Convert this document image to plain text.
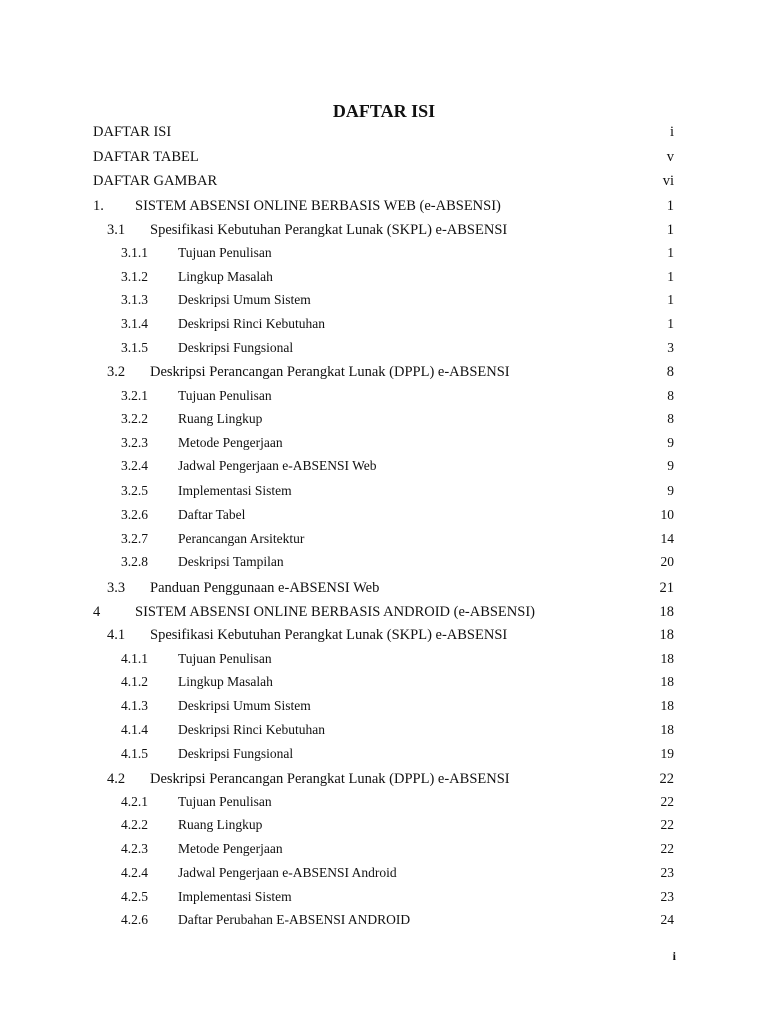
DAFTAR ISI
DAFTAR ISI	i
DAFTAR TABEL	v
DAFTAR GAMBAR	vi
1. SISTEM ABSENSI ONLINE BERBASIS WEB (e-ABSENSI)	1
3.1 Spesifikasi Kebutuhan Perangkat Lunak (SKPL) e-ABSENSI	1
3.1.1 Tujuan Penulisan	1
3.1.2 Lingkup Masalah	1
3.1.3 Deskripsi Umum Sistem	1
3.1.4 Deskripsi Rinci Kebutuhan	1
3.1.5 Deskripsi Fungsional	3
3.2 Deskripsi Perancangan Perangkat Lunak (DPPL) e-ABSENSI	8
3.2.1 Tujuan Penulisan	8
3.2.2 Ruang Lingkup	8
3.2.3 Metode Pengerjaan	9
3.2.4 Jadwal Pengerjaan e-ABSENSI Web	9
3.2.5 Implementasi Sistem	9
3.2.6 Daftar Tabel	10
3.2.7 Perancangan Arsitektur	14
3.2.8 Deskripsi Tampilan	20
3.3 Panduan Penggunaan e-ABSENSI Web	21
4 SISTEM ABSENSI ONLINE BERBASIS ANDROID (e-ABSENSI)	18
4.1 Spesifikasi Kebutuhan Perangkat Lunak (SKPL) e-ABSENSI	18
4.1.1 Tujuan Penulisan	18
4.1.2 Lingkup Masalah	18
4.1.3 Deskripsi Umum Sistem	18
4.1.4 Deskripsi Rinci Kebutuhan	18
4.1.5 Deskripsi Fungsional	19
4.2 Deskripsi Perancangan Perangkat Lunak (DPPL) e-ABSENSI	22
4.2.1 Tujuan Penulisan	22
4.2.2 Ruang Lingkup	22
4.2.3 Metode Pengerjaan	22
4.2.4 Jadwal Pengerjaan e-ABSENSI Android	23
4.2.5 Implementasi Sistem	23
4.2.6 Daftar Perubahan E-ABSENSI ANDROID	24
i
